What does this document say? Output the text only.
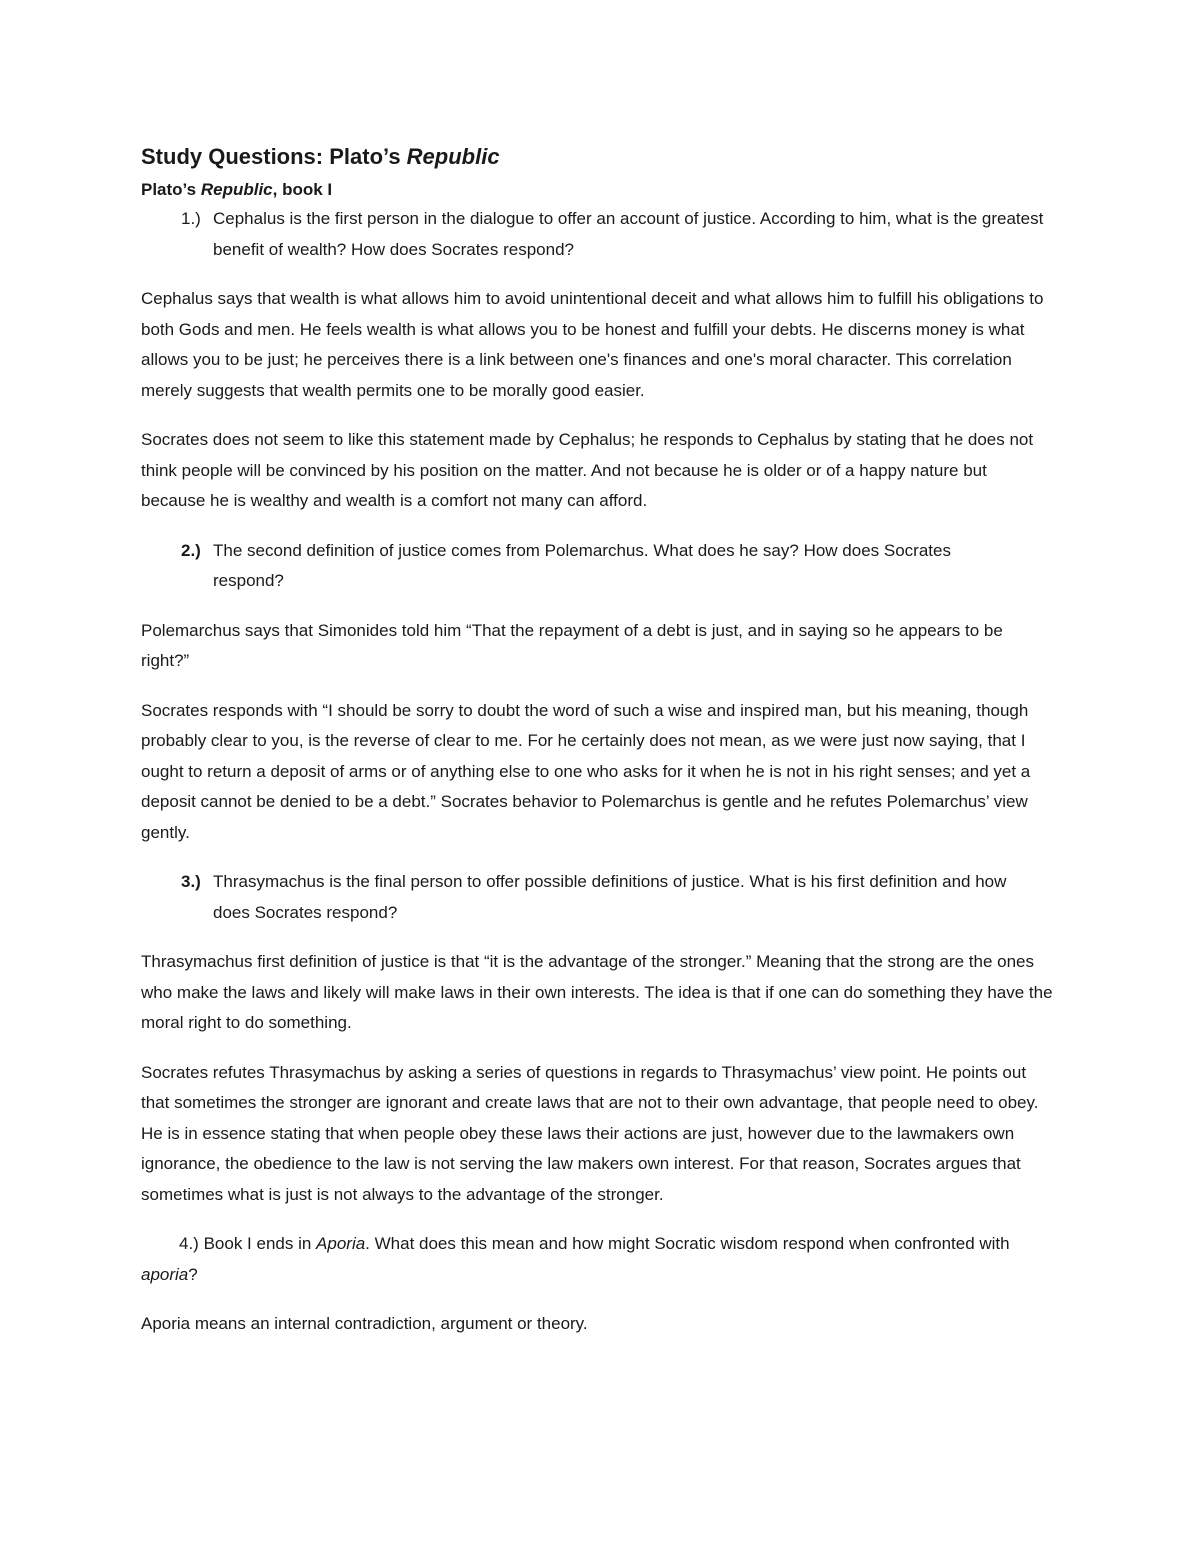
Study Questions: Plato’s Republic
Plato’s Republic, book I
1.) Cephalus is the first person in the dialogue to offer an account of justice. According to him, what is the greatest benefit of wealth? How does Socrates respond?

Cephalus says that wealth is what allows him to avoid unintentional deceit and what allows him to fulfill his obligations to both Gods and men. He feels wealth is what allows you to be honest and fulfill your debts. He discerns money is what allows you to be just; he perceives there is a link between one's finances and one's moral character. This correlation merely suggests that wealth permits one to be morally good easier.

Socrates does not seem to like this statement made by Cephalus; he responds to Cephalus by stating that he does not think people will be convinced by his position on the matter. And not because he is older or of a happy nature but because he is wealthy and wealth is a comfort not many can afford.

2.) The second definition of justice comes from Polemarchus. What does he say? How does Socrates respond?

Polemarchus says that Simonides told him “That the repayment of a debt is just, and in saying so he appears to be right?”

Socrates responds with “I should be sorry to doubt the word of such a wise and inspired man, but his meaning, though probably clear to you, is the reverse of clear to me. For he certainly does not mean, as we were just now saying, that I ought to return a deposit of arms or of anything else to one who asks for it when he is not in his right senses; and yet a deposit cannot be denied to be a debt.” Socrates behavior to Polemarchus is gentle and he refutes Polemarchus’ view gently.

3.) Thrasymachus is the final person to offer possible definitions of justice. What is his first definition and how does Socrates respond?

Thrasymachus first definition of justice is that “it is the advantage of the stronger.” Meaning that the strong are the ones who make the laws and likely will make laws in their own interests. The idea is that if one can do something they have the moral right to do something.

Socrates refutes Thrasymachus by asking a series of questions in regards to Thrasymachus’ view point. He points out that sometimes the stronger are ignorant and create laws that are not to their own advantage, that people need to obey. He is in essence stating that when people obey these laws their actions are just, however due to the lawmakers own ignorance, the obedience to the law is not serving the law makers own interest. For that reason, Socrates argues that sometimes what is just is not always to the advantage of the stronger.

4.) Book I ends in Aporia. What does this mean and how might Socratic wisdom respond when confronted with aporia?

Aporia means an internal contradiction, argument or theory.
